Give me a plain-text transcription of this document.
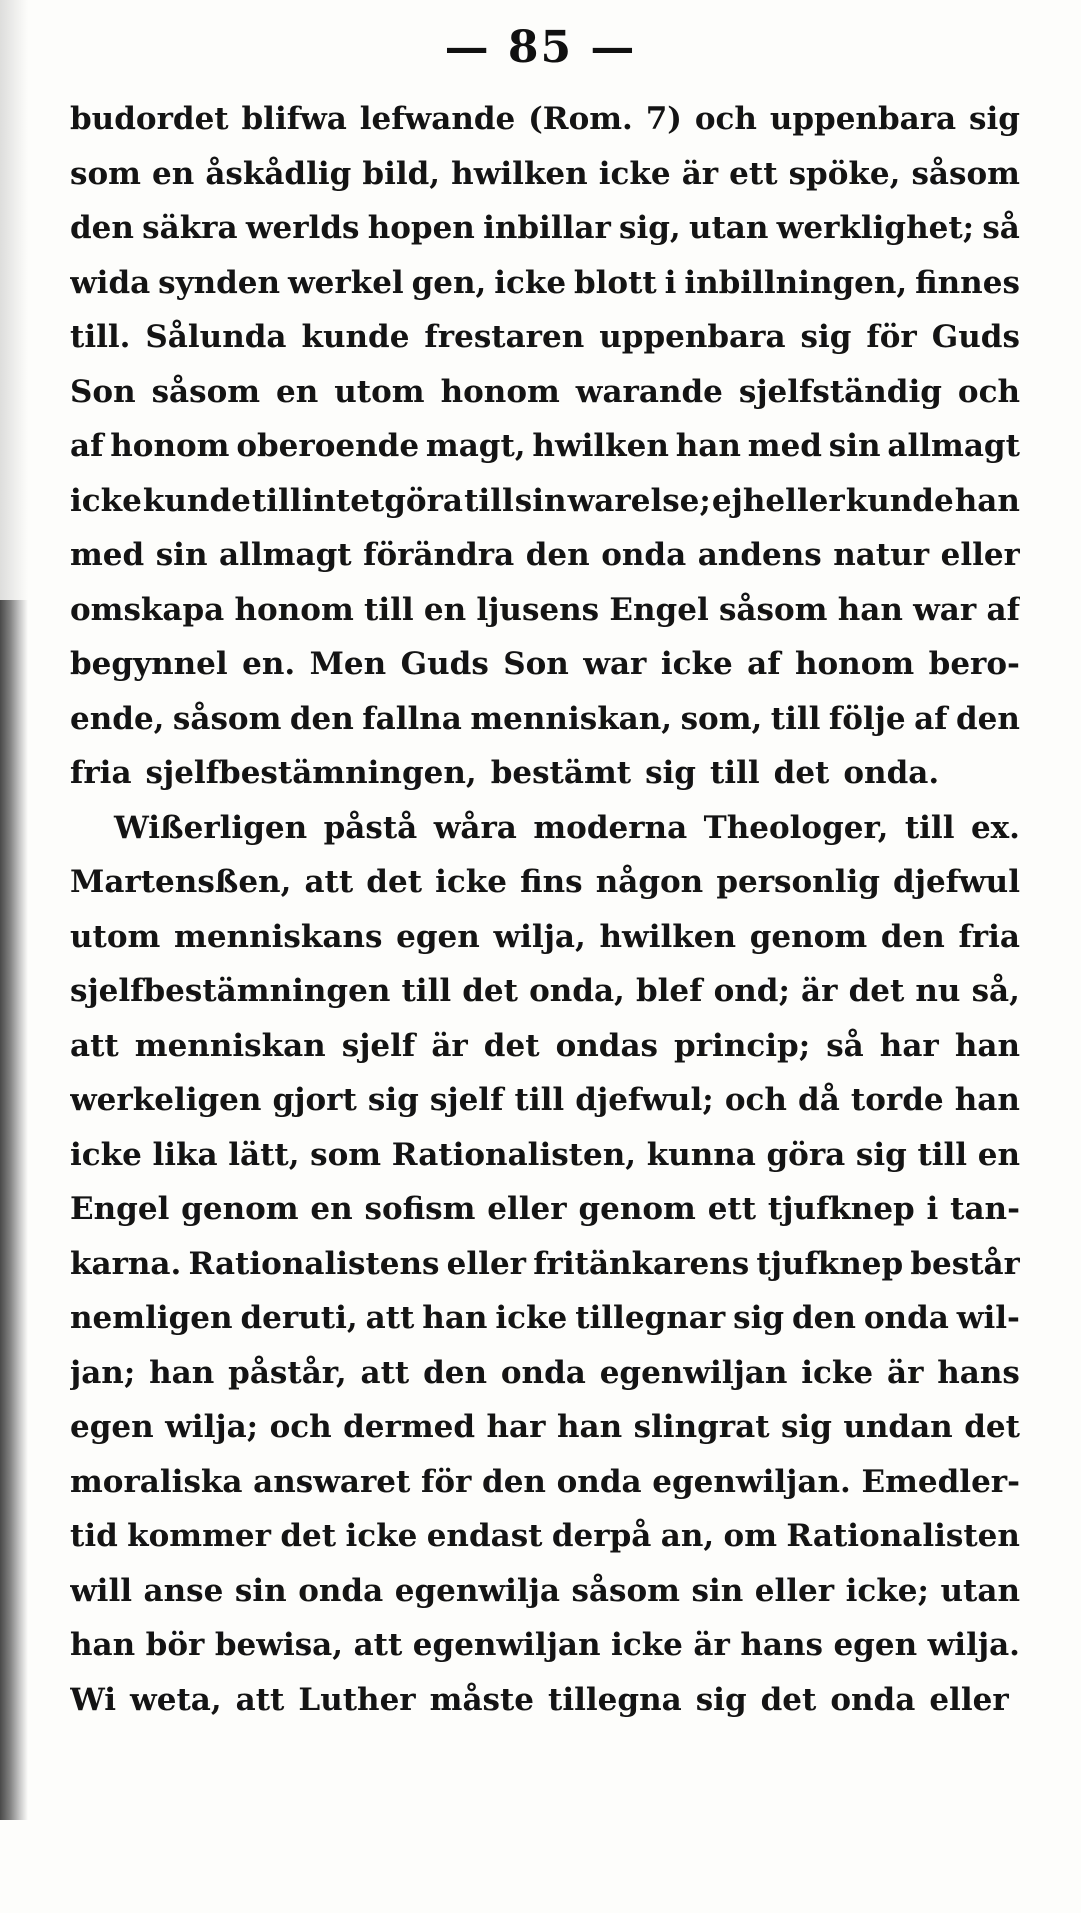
— 85 —
budordet blifwa lefwande (Rom. 7) och uppenbara sig
som en åskådlig bild, hwilken icke är ett spöke, såsom
den säkra werlds hopen inbillar sig, utan werklighet; så
wida synden werkel gen, icke blott i inbillningen, finnes
till. Sålunda kunde frestaren uppenbara sig för Guds
Son såsom en utom honom warande sjelfständig och
af honom oberoende magt, hwilken han med sin allmagt
icke kunde tillintetgöra till sin warelse; ejheller kunde han
med sin allmagt förändra den onda andens natur eller
omskapa honom till en ljusens Engel såsom han war af
begynnel en. Men Guds Son war icke af honom bero-
ende, såsom den fallna menniskan, som, till följe af den
fria sjelfbestämningen, bestämt sig till det onda.
Wißerligen påstå wåra moderna Theologer, till ex.
Martensßen, att det icke fins någon personlig djefwul
utom menniskans egen wilja, hwilken genom den fria
sjelfbestämningen till det onda, blef ond; är det nu så,
att menniskan sjelf är det ondas princip; så har han
werkeligen gjort sig sjelf till djefwul; och då torde han
icke lika lätt, som Rationalisten, kunna göra sig till en
Engel genom en sofism eller genom ett tjufknep i tan-
karna. Rationalistens eller fritänkarens tjufknep består
nemligen deruti, att han icke tillegnar sig den onda wil-
jan; han påstår, att den onda egenwiljan icke är hans
egen wilja; och dermed har han slingrat sig undan det
moraliska answaret för den onda egenwiljan. Emedler-
tid kommer det icke endast derpå an, om Rationalisten
will anse sin onda egenwilja såsom sin eller icke; utan
han bör bewisa, att egenwiljan icke är hans egen wilja.
Wi weta, att Luther måste tillegna sig det onda eller
